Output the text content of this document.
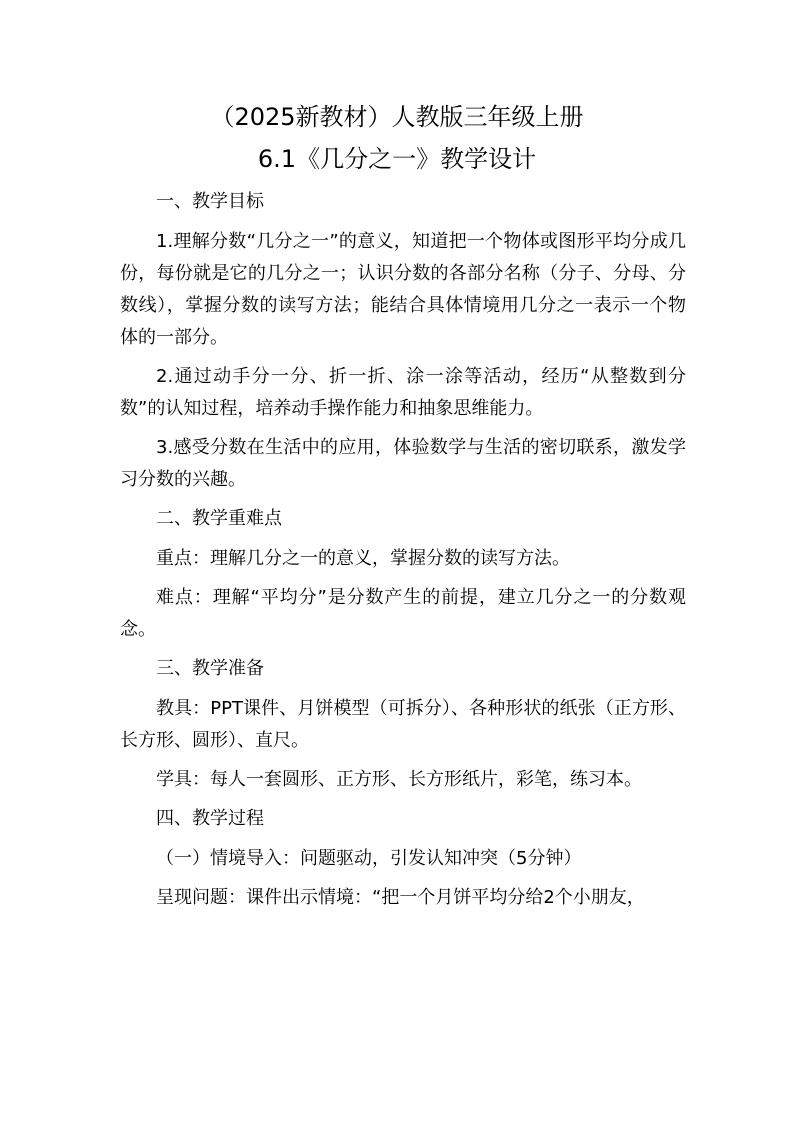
（2025新教材）人教版三年级上册
6.1《几分之一》教学设计

一、教学目标

1.理解分数“几分之一”的意义，知道把一个物体或图形平均分成几份，每份就是它的几分之一；认识分数的各部分名称（分子、分母、分数线），掌握分数的读写方法；能结合具体情境用几分之一表示一个物体的一部分。

2.通过动手分一分、折一折、涂一涂等活动，经历“从整数到分数”的认知过程，培养动手操作能力和抽象思维能力。

3.感受分数在生活中的应用，体验数学与生活的密切联系，激发学习分数的兴趣。

二、教学重难点

重点：理解几分之一的意义，掌握分数的读写方法。

难点：理解“平均分”是分数产生的前提，建立几分之一的分数观念。

三、教学准备

教具：PPT课件、月饼模型（可拆分）、各种形状的纸张（正方形、长方形、圆形）、直尺。

学具：每人一套圆形、正方形、长方形纸片，彩笔，练习本。

四、教学过程

（一）情境导入：问题驱动，引发认知冲突（5分钟）

呈现问题：课件出示情境：“把一个月饼平均分给2个小朋友，
